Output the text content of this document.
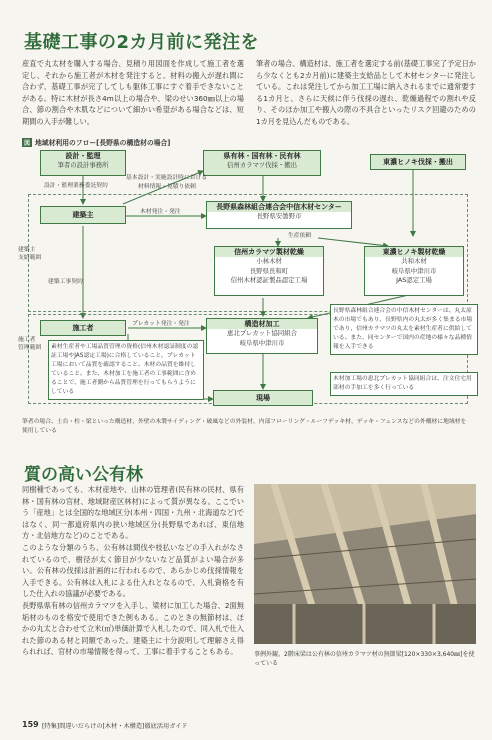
基礎工事の2カ月前に発注を
産直で丸太材を購入する場合、見積り用図面を作成して施工者を選定し、それから施工者が木材を発注すると、材料の搬入が遅れ間に合わず、基礎工事が完了してしも躯体工事にすぐ着手できないことがある。特に木材が長さ4m以上の場合や、梁のせい360㎜以上の場合、節の割合や木肌などについて細かい希望がある場合などは、短期間の入手が難しい。
筆者の場合、構造材は、施工者を選定する前(基礎工事完了予定日から少なくとも2カ月前)に建築主支給品として木材センターに発注している。これは発注してから加工工場に納入されるまでに通常要する1カ月と、さらに天候に伴う伐採の遅れ、乾燥過程での割れや反り、そのほか加工や搬入の際の不具合といったリスク回避のための1カ月を見込んだものである。
図 地域材利用のフロー[長野県の構造材の場合]
設計・監理
筆者の設計事務所
県有林・国有林・民有林
信州カラマツ伐採・搬出	東濃ヒノキ伐採・搬出
設計・監理業務委託契約
基本設計・実施設計時における
材料情報・見積り依頼
木材発注・発注
生産依頼
建築主
支給範囲
建築工事契約
プレカット発注・発注
施工者
管理範囲
建築主
長野県森林組合連合会中信木材センター
長野県安曇野市
信州カラマツ製材乾燥
小林木材
長野県長和町
信州木材認証製品認定工場
東濃ヒノキ製材乾燥
共和木材
岐阜県中津川市
JAS認定工場
施工者	構造材加工
恵北プレカット協同組合
岐阜県中津川市
現場
素材生産者や工場品質管理の資格(信州木材認証制度の認証工場やJAS認定工場)に合格していること。プレカット工場において品質を確認すること。木材の品質を維持していること。また、木材加工を施工者の工事範囲に含めることで、施工者側から品質管理を行ってもらうようにしている
長野県森林組合連合会の中信木材センターは、丸太原木の市場でもあり、長野県内の丸太が多く集まる市場であり、信州カラマツの丸太を素材生産者に供給している。また、同センターで国内の産地の様々な品種情報を入手できる
木材加工場の恵北プレカット協同組合は、注文住宅用部材の手加工を多く行っている
筆者の場合、土台・柱・梁といった構造材、外壁の木製サイディング・破風などの外装材、内部フローリング・ルーフデッキ材、デッキ・フェンスなどの外構材に地域材を使用している
質の高い公有林
同樹種であっても、木材産地や、山林の管理者(民有林の民材、県有林・国有林の官材、地域財産区林材)によって質が異なる。ここでいう「産地」とは全国的な地域区分(本州・四国・九州・北海道など)ではなく、同一都道府県内の狭い地域区分(長野県であれば、東信地方・北信地方など)のことである。
このような分類のうち、公有林は間伐や枝払いなどの手入れがなされているので、樹径が太く節目が少ないなど品質がよい場合が多い。公有林の伐採は計画的に行われるので、あらかじめ伐採情報を入手できる。公有林は入札による仕入れとなるので、入札資格を有した仕入れの協議が必要である。
長野県県有林の信州カラマツを入手し、梁材に加工した場合、2面無垢材のものを格安で使用できた例もある。このときの無節材は、ほかの丸太と合わせて立米(㎥)単価計算で入札したので、同入札で仕入れた節のある材と同額であった。建築主に十分説明して理解さえ得られれば、官材の市場情報を得って、工事に着手することもある。	事例外観。2階床梁は公有林の信州カラマツ材の無節梁[120×330×3,640㎜]を使っている
159 [特集]間違いだらけの[木材・木構造]徹底活用ガイド
